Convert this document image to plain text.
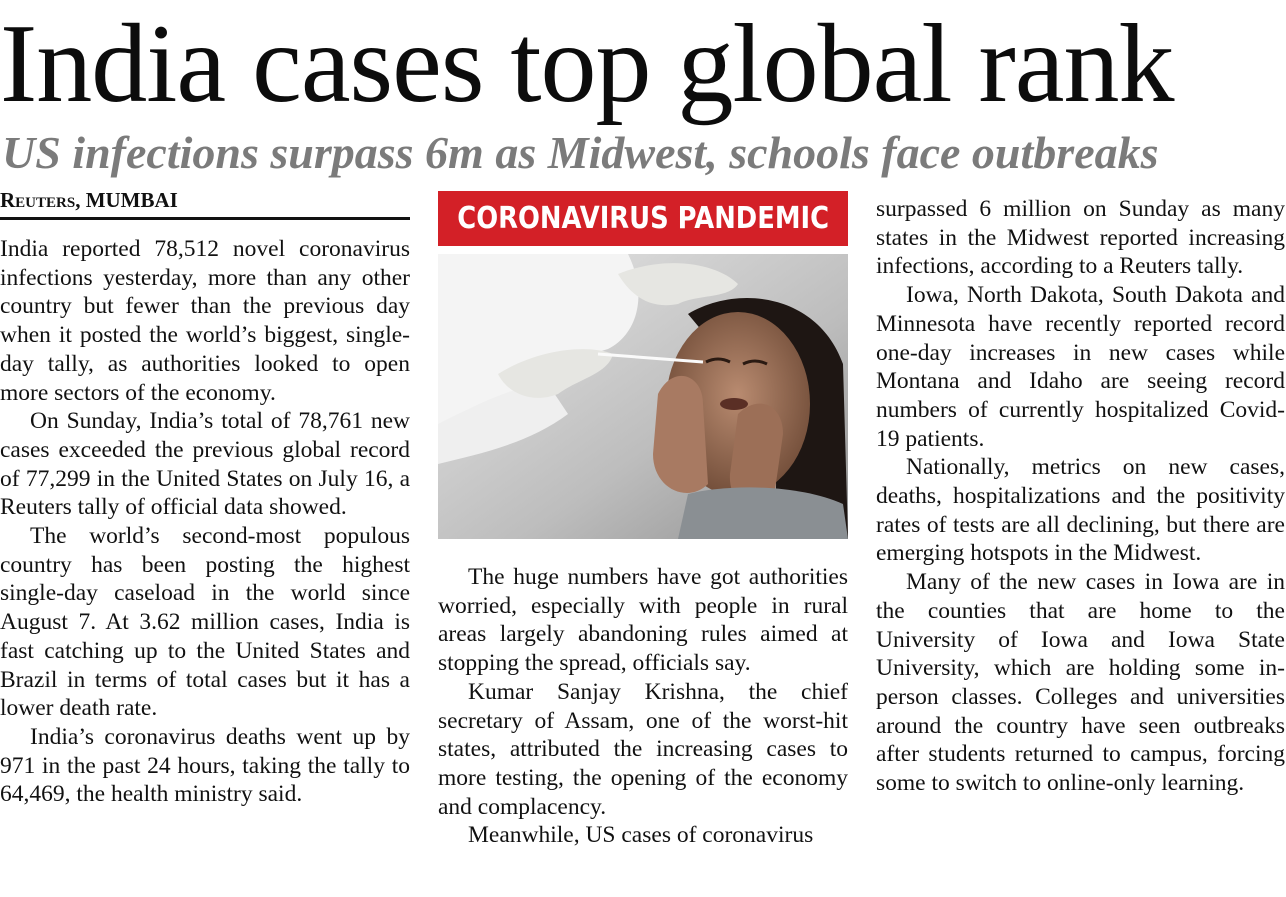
India cases top global rank
US infections surpass 6m as Midwest, schools face outbreaks
Reuters, MUMBAI

India reported 78,512 novel coronavirus infections yesterday, more than any other country but fewer than the previous day when it posted the world’s biggest, single-day tally, as authorities looked to open more sectors of the economy.

On Sunday, India’s total of 78,761 new cases exceeded the previous global record of 77,299 in the United States on July 16, a Reuters tally of official data showed.

The world’s second-most populous country has been posting the highest single-day caseload in the world since August 7. At 3.62 million cases, India is fast catching up to the United States and Brazil in terms of total cases but it has a lower death rate.

India’s coronavirus deaths went up by 971 in the past 24 hours, taking the tally to 64,469, the health ministry said.

CORONAVIRUS PANDEMIC

The huge numbers have got authorities worried, especially with people in rural areas largely abandoning rules aimed at stopping the spread, officials say.

Kumar Sanjay Krishna, the chief secretary of Assam, one of the worst-hit states, attributed the increasing cases to more testing, the opening of the economy and complacency.

Meanwhile, US cases of coronavirus

surpassed 6 million on Sunday as many states in the Midwest reported increasing infections, according to a Reuters tally.

Iowa, North Dakota, South Dakota and Minnesota have recently reported record one-day increases in new cases while Montana and Idaho are seeing record numbers of currently hospitalized Covid-19 patients.

Nationally, metrics on new cases, deaths, hospitalizations and the positivity rates of tests are all declining, but there are emerging hotspots in the Midwest.

Many of the new cases in Iowa are in the counties that are home to the University of Iowa and Iowa State University, which are holding some in-person classes. Colleges and universities around the country have seen outbreaks after students returned to campus, forcing some to switch to online-only learning.
